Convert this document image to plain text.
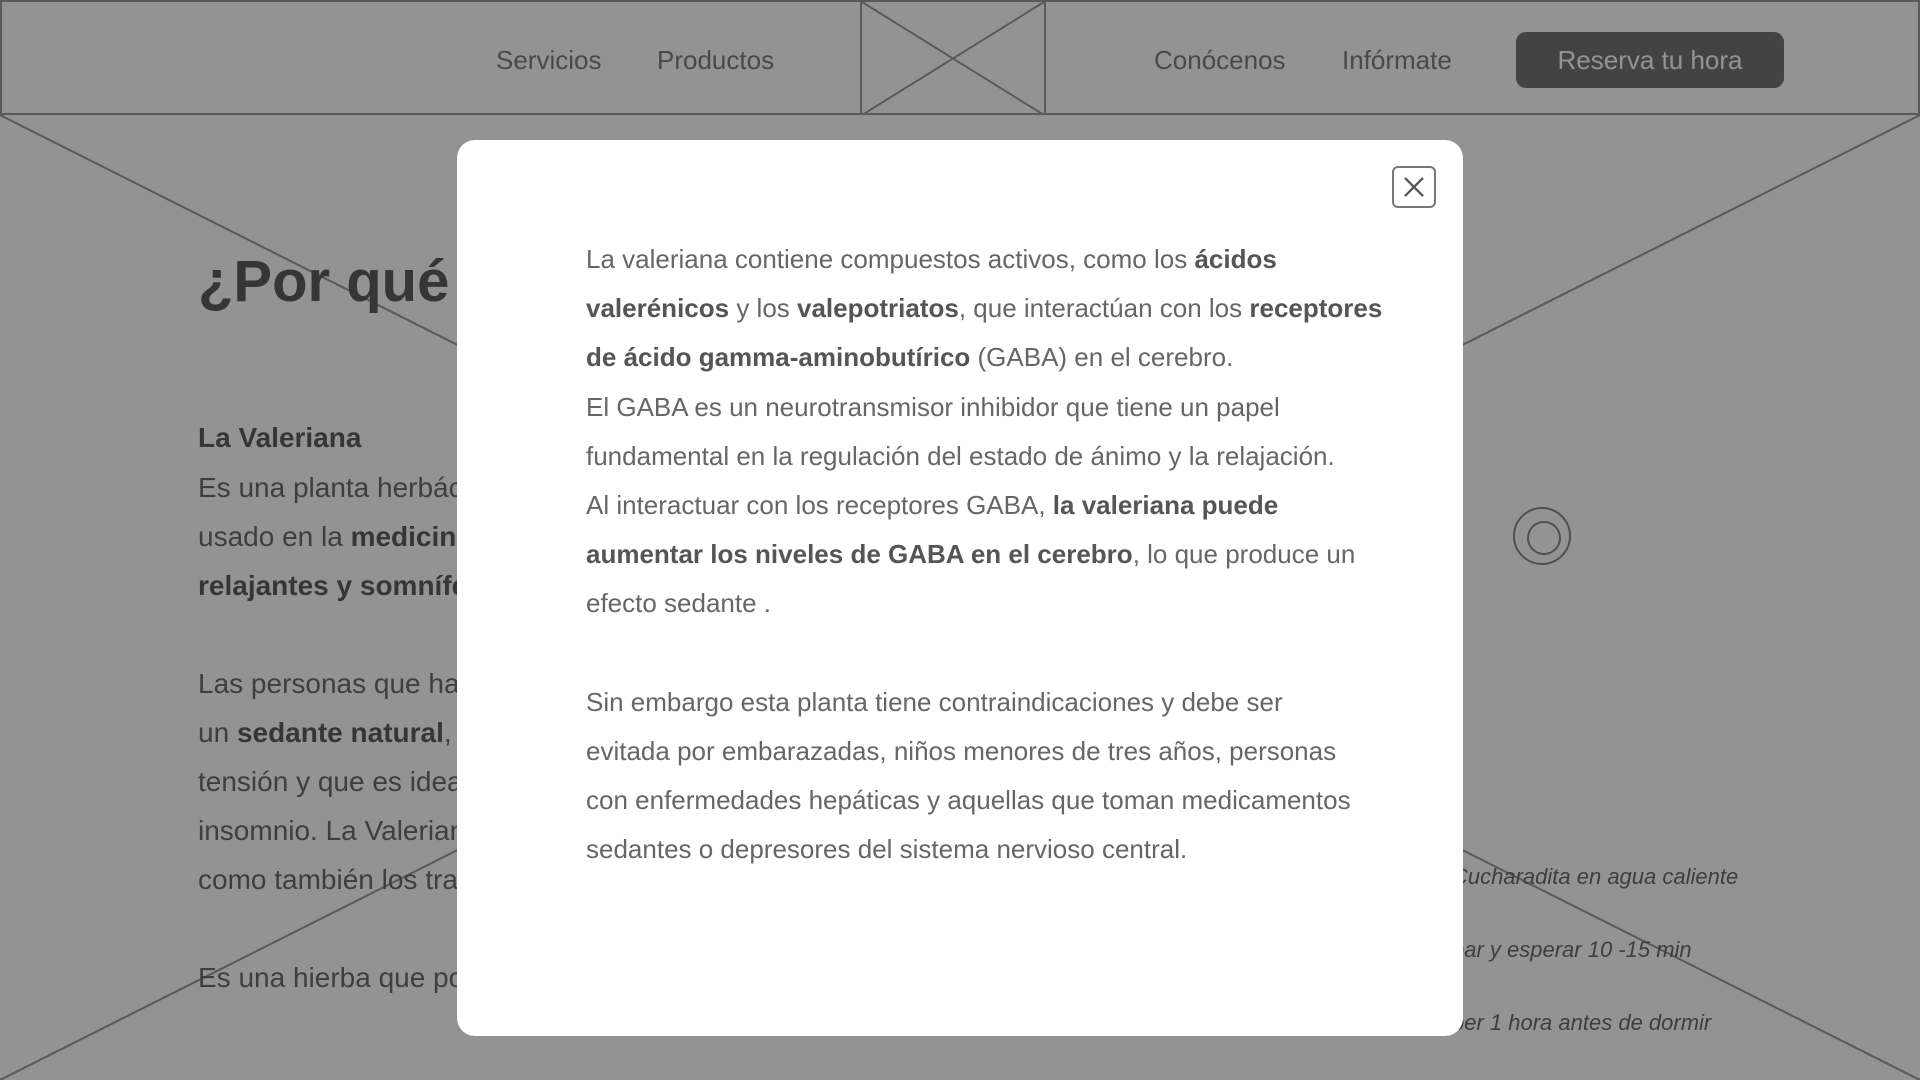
La valeriana contiene compuestos activos, como los ácidos

valerénicos y los valepotriatos, que interactúan con los receptores

de ácido gamma-aminobutírico (GABA) en el cerebro.

El GABA es un neurotransmisor inhibidor que tiene un papel

fundamental en la regulación del estado de ánimo y la relajación.

Al interactuar con los receptores GABA, la valeriana puede

aumentar los niveles de GABA en el cerebro, lo que produce un

efecto sedante .

Sin embargo esta planta tiene contraindicaciones y debe ser

evitada por embarazadas, niños menores de tres años, personas

con enfermedades hepáticas y aquellas que toman medicamentos

sedantes o depresores del sistema nervioso central.
